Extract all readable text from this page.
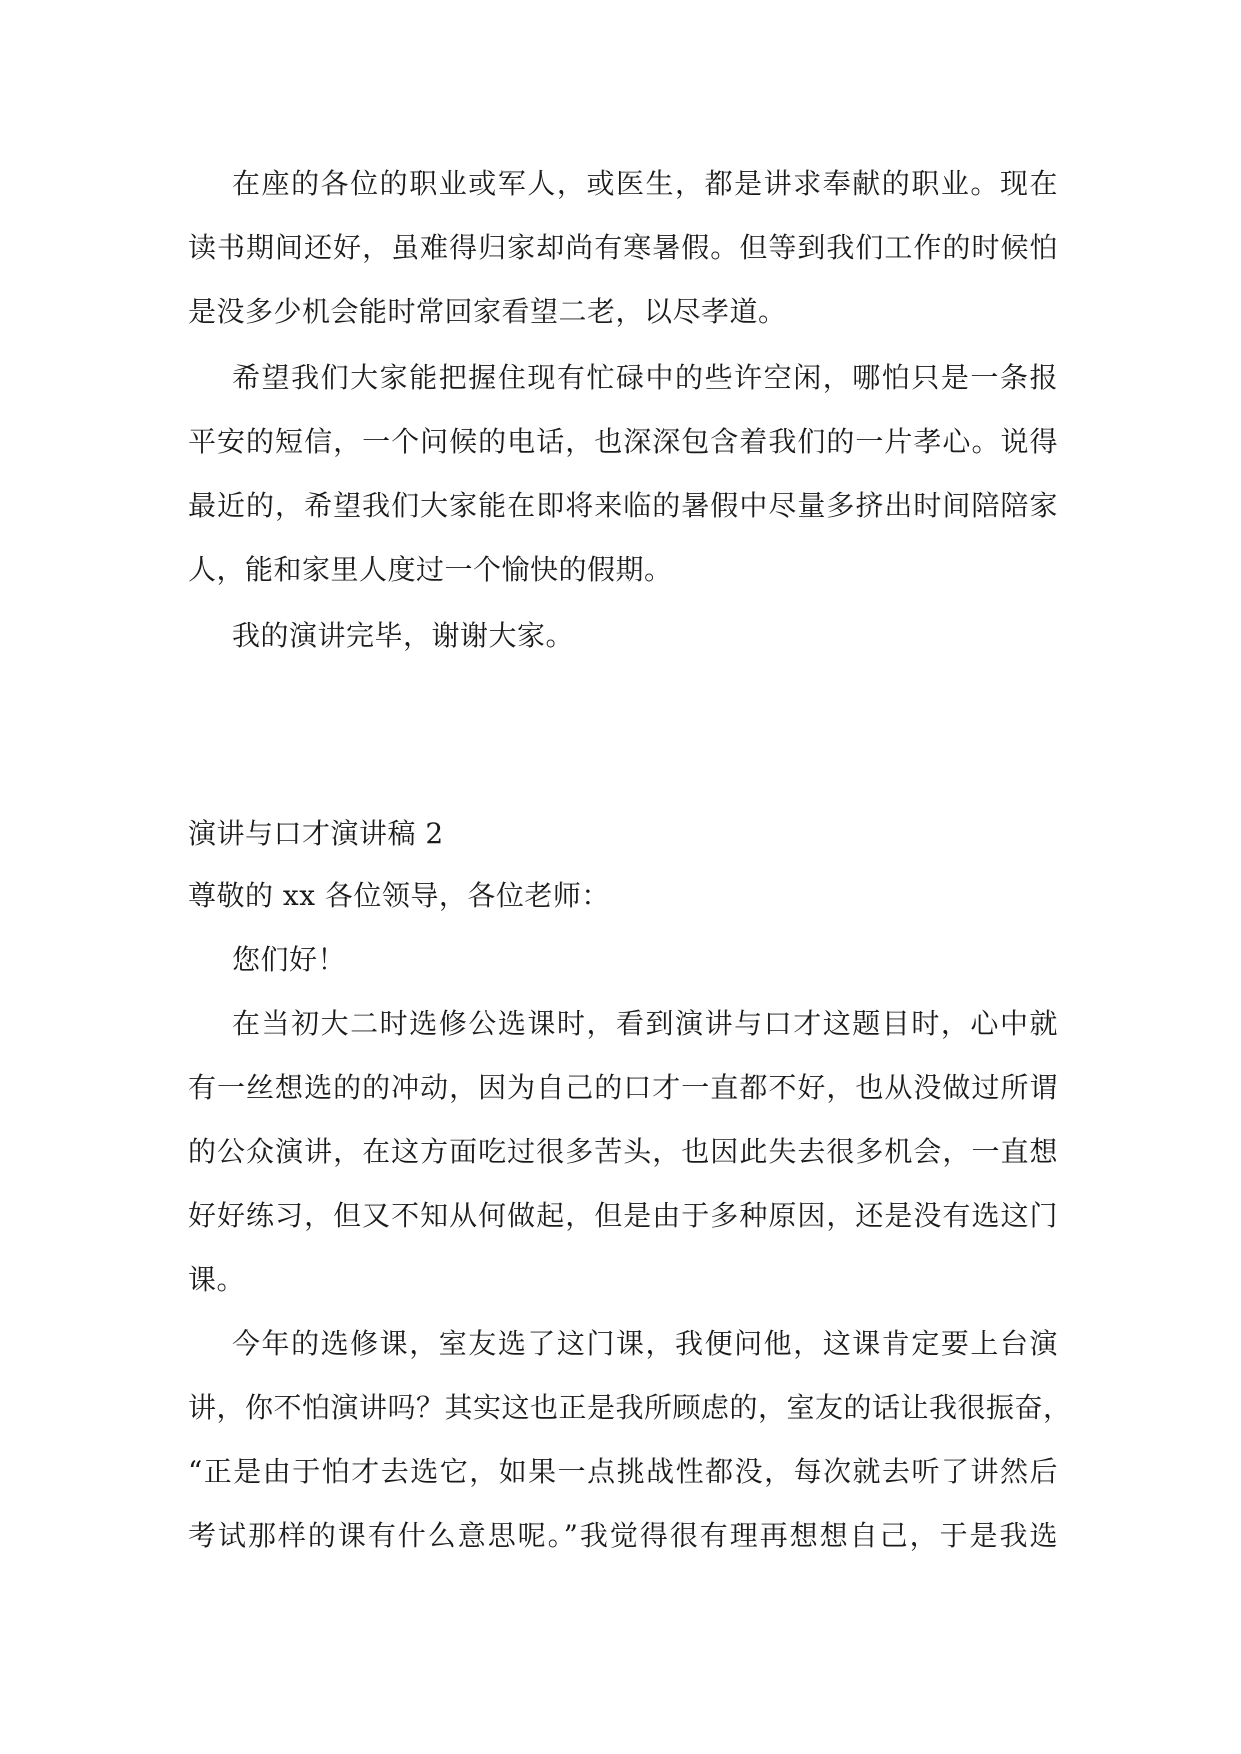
在座的各位的职业或军人，或医生，都是讲求奉献的职业。现在
读书期间还好，虽难得归家却尚有寒暑假。但等到我们工作的时候怕
是没多少机会能时常回家看望二老，以尽孝道。
希望我们大家能把握住现有忙碌中的些许空闲，哪怕只是一条报
平安的短信，一个问候的电话，也深深包含着我们的一片孝心。说得
最近的，希望我们大家能在即将来临的暑假中尽量多挤出时间陪陪家
人，能和家里人度过一个愉快的假期。
我的演讲完毕，谢谢大家。
演讲与口才演讲稿 2
尊敬的 xx 各位领导，各位老师：
您们好！
在当初大二时选修公选课时，看到演讲与口才这题目时，心中就
有一丝想选的的冲动，因为自己的口才一直都不好，也从没做过所谓
的公众演讲，在这方面吃过很多苦头，也因此失去很多机会，一直想
好好练习，但又不知从何做起，但是由于多种原因，还是没有选这门
课。
今年的选修课，室友选了这门课，我便问他，这课肯定要上台演
讲，你不怕演讲吗？其实这也正是我所顾虑的，室友的话让我很振奋，
“正是由于怕才去选它，如果一点挑战性都没，每次就去听了讲然后
考试那样的课有什么意思呢。”我觉得很有理再想想自己，于是我选
